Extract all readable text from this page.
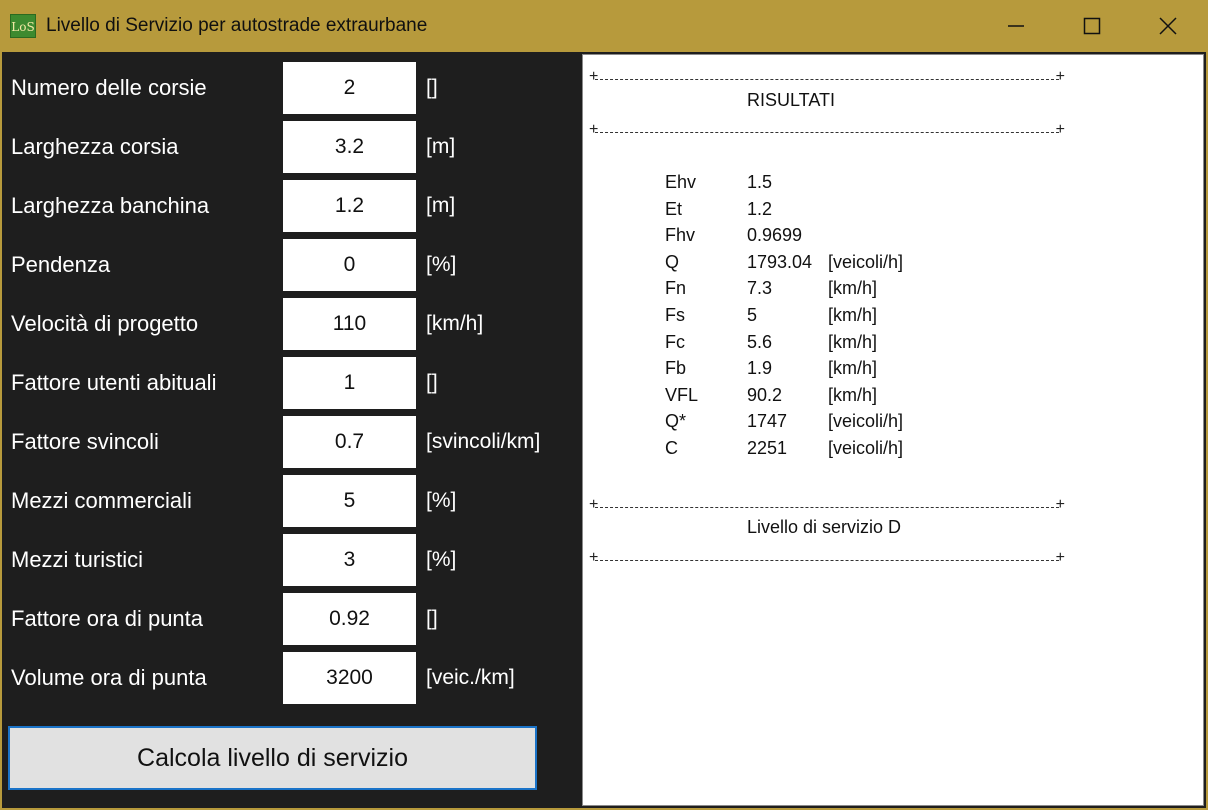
LoS Livello di Servizio per autostrade extraurbane
Numero delle corsie
2	[]
Larghezza corsia
3.2	[m]
Larghezza banchina
1.2	[m]
Pendenza
0	[%]
Velocità di progetto
110	[km/h]
Fattore utenti abituali
1	[]
Fattore svincoli
0.7	[svincoli/km]
Mezzi commerciali
5	[%]
Mezzi turistici
3	[%]
Fattore ora di punta
0.92	[]
Volume ora di punta
3200	[veic./km]
Calcola livello di servizio
+	+
RISULTATI
+	+
Ehv	1.5
Et	1.2
Fhv	0.9699
Q	1793.04 [veicoli/h]
Fn	7.3	[km/h]
Fs	5	[km/h]
Fc	5.6	[km/h]
Fb	1.9	[km/h]
VFL	90.2	[km/h]
Q*	1747 [veicoli/h]
C	2251 [veicoli/h]
+	+
Livello di servizio D
+	+
